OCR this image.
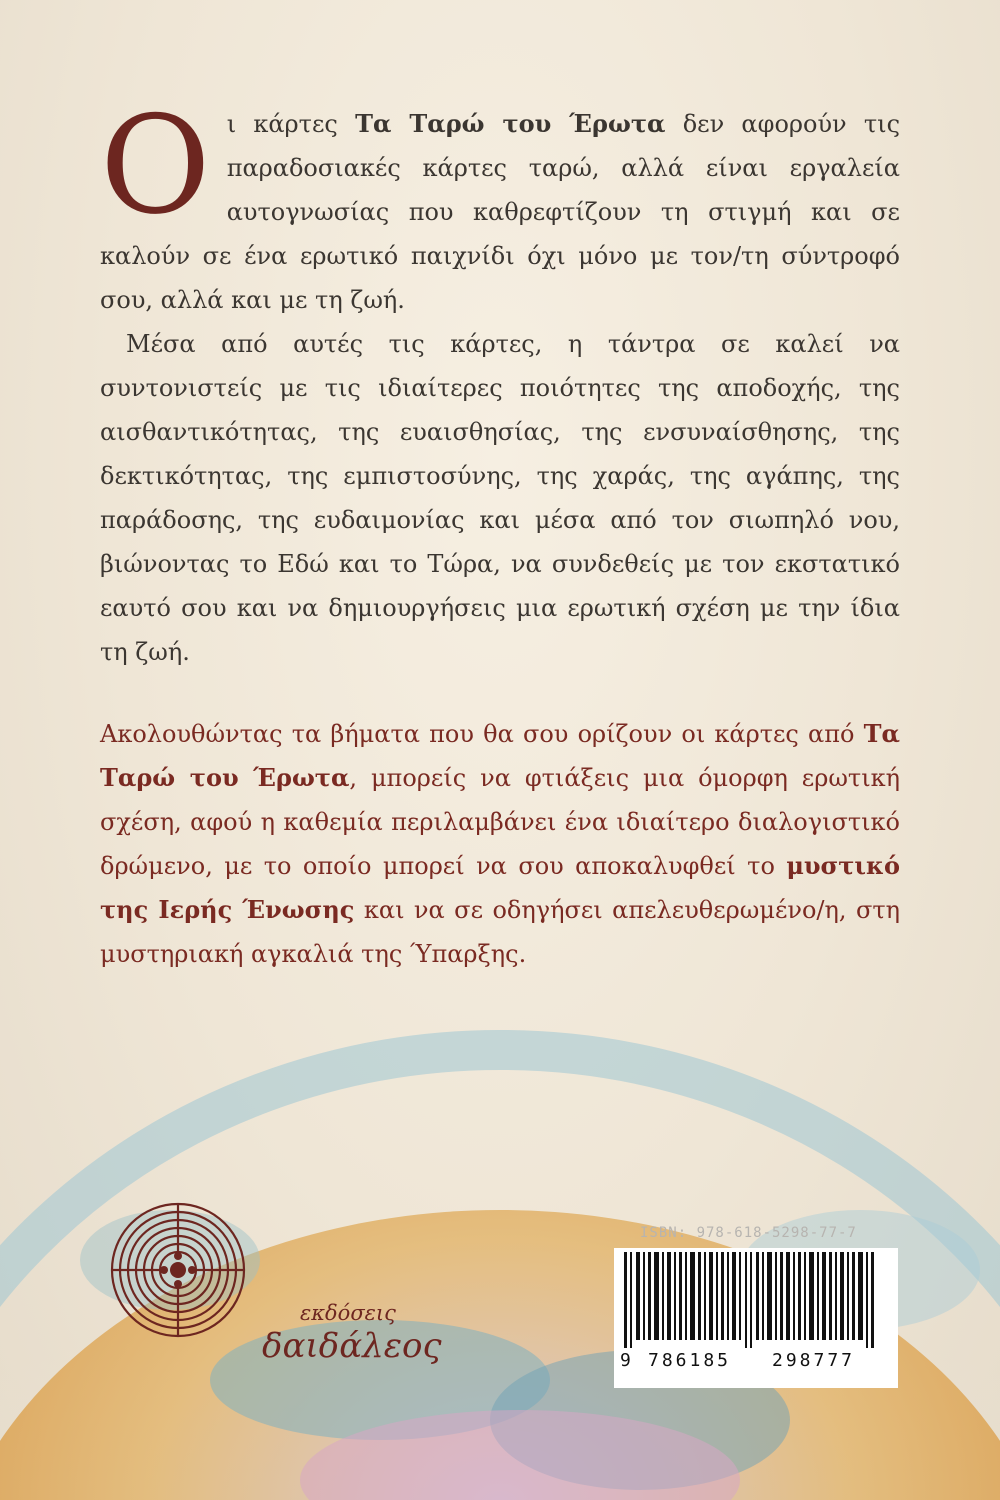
Ο ι κάρτες Τα Ταρώ του Έρωτα δεν αφορούν τις παραδοσιακές κάρτες ταρώ, αλλά είναι εργαλεία αυτογνωσίας που καθρεφτίζουν τη στιγμή και σε καλούν σε ένα ερωτικό παιχνίδι όχι μόνο με τον/τη σύντροφό σου, αλλά και με τη ζωή.

Μέσα από αυτές τις κάρτες, η τάντρα σε καλεί να συντονιστείς με τις ιδιαίτερες ποιότητες της αποδοχής, της αισθαντικότητας, της ευαισθησίας, της ενσυναίσθησης, της δεκτικότητας, της εμπιστοσύνης, της χαράς, της αγάπης, της παράδοσης, της ευδαιμονίας και μέσα από τον σιωπηλό νου, βιώνοντας το Εδώ και το Τώρα, να συνδεθείς με τον εκστατικό εαυτό σου και να δημιουργήσεις μια ερωτική σχέση με την ίδια τη ζωή.

Ακολουθώντας τα βήματα που θα σου ορίζουν οι κάρτες από Τα Ταρώ του Έρωτα, μπορείς να φτιάξεις μια όμορφη ερωτική σχέση, αφού η καθεμία περιλαμβάνει ένα ιδιαίτερο διαλογιστικό δρώμενο, με το οποίο μπορεί να σου αποκαλυφθεί το μυστικό της Ιερής Ένωσης και να σε οδηγήσει απελευθερωμένο/η, στη μυστηριακή αγκαλιά της Ύπαρξης.

εκδόσεις
δαιδάλεος
ISBN: 978-618-5298-77-7
9 786185 298777
